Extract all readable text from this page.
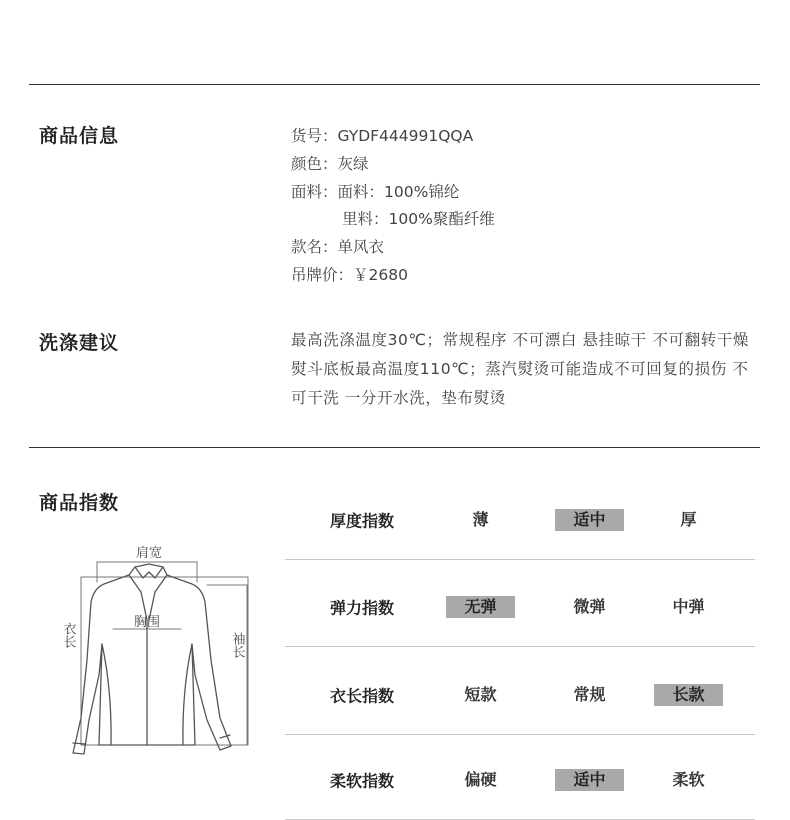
商品信息	货号：GYDF444991QQA
颜色：灰绿
面料：面料：100%锦纶
里料：100%聚酯纤维
款名：单风衣
吊牌价：￥2680
洗涤建议	最高洗涤温度30℃；常规程序 不可漂白 悬挂晾干 不可翻转干燥 熨斗底板最高温度110℃；蒸汽熨烫可能造成不可回复的损伤 不可干洗 一分开水洗，垫布熨烫
商品指数
厚度指数	薄	适中	厚
弹力指数	无弹	微弹	中弹
衣长指数	短款	常规	长款
柔软指数	偏硬	适中	柔软
肩宽
胸围
衣长	袖长
